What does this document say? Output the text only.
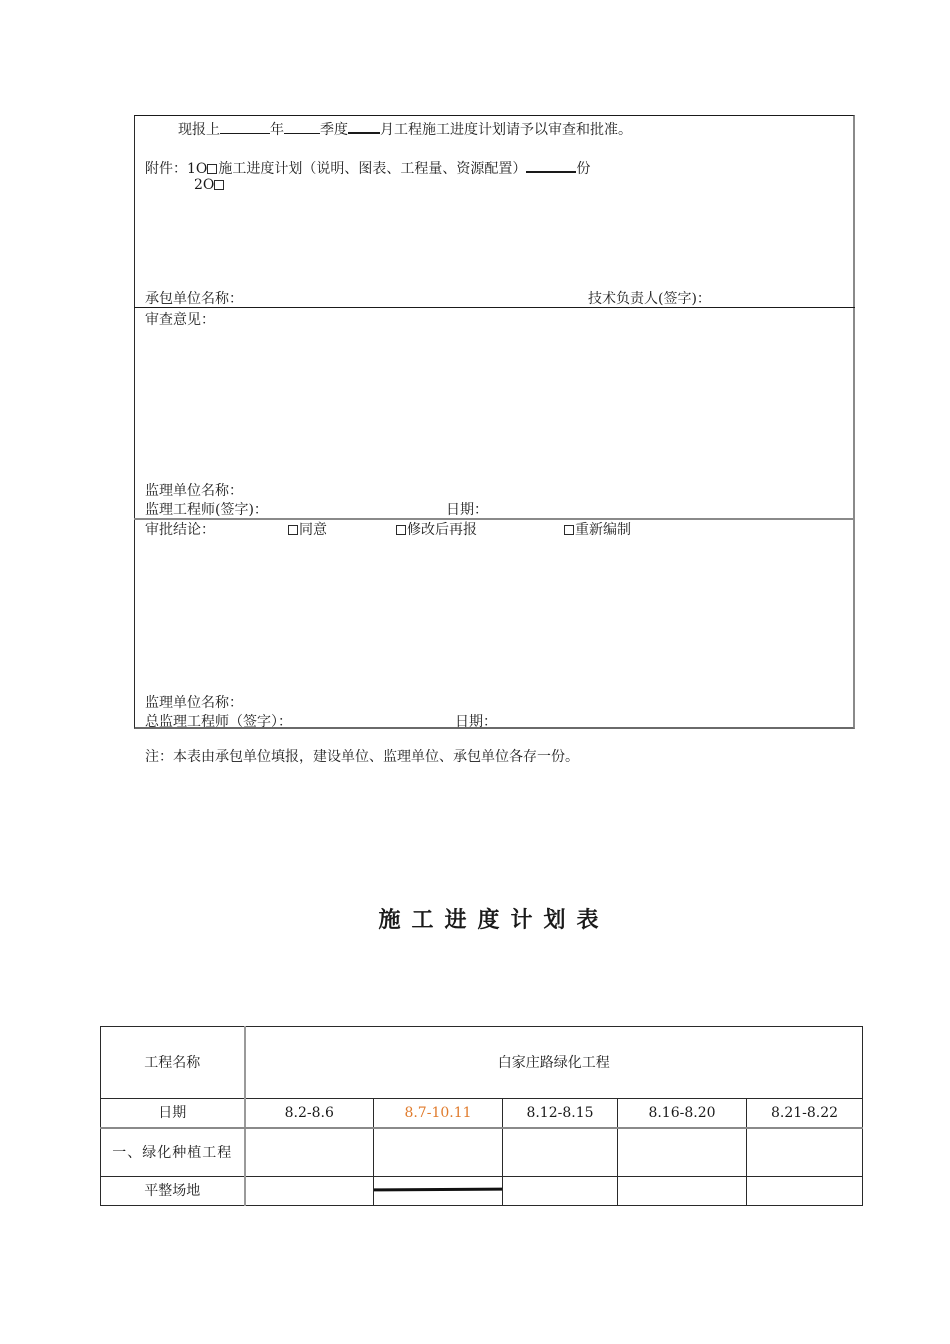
现报上	年	季度 月工程施工进度计划请予以审查和批准。
附件：1O 施工进度计划（说明、图表、工程量、资源配置）	份
2O
承包单位名称：	技术负责人(签字)：
审查意见：
监理单位名称：
监理工程师(签字)：	日期：
审批结论：	同意	修改后再报	重新编制
监理单位名称：
总监理工程师（签字）：	日期：
注：本表由承包单位填报，建设单位、监理单位、承包单位各存一份。
施工进度计划表
工程名称	白家庄路绿化工程				
日期	8.2-8.6	8.7-10.11	8.12-8.15	8.16-8.20	8.21-8.22

一、绿化种植工程					

平整场地		
